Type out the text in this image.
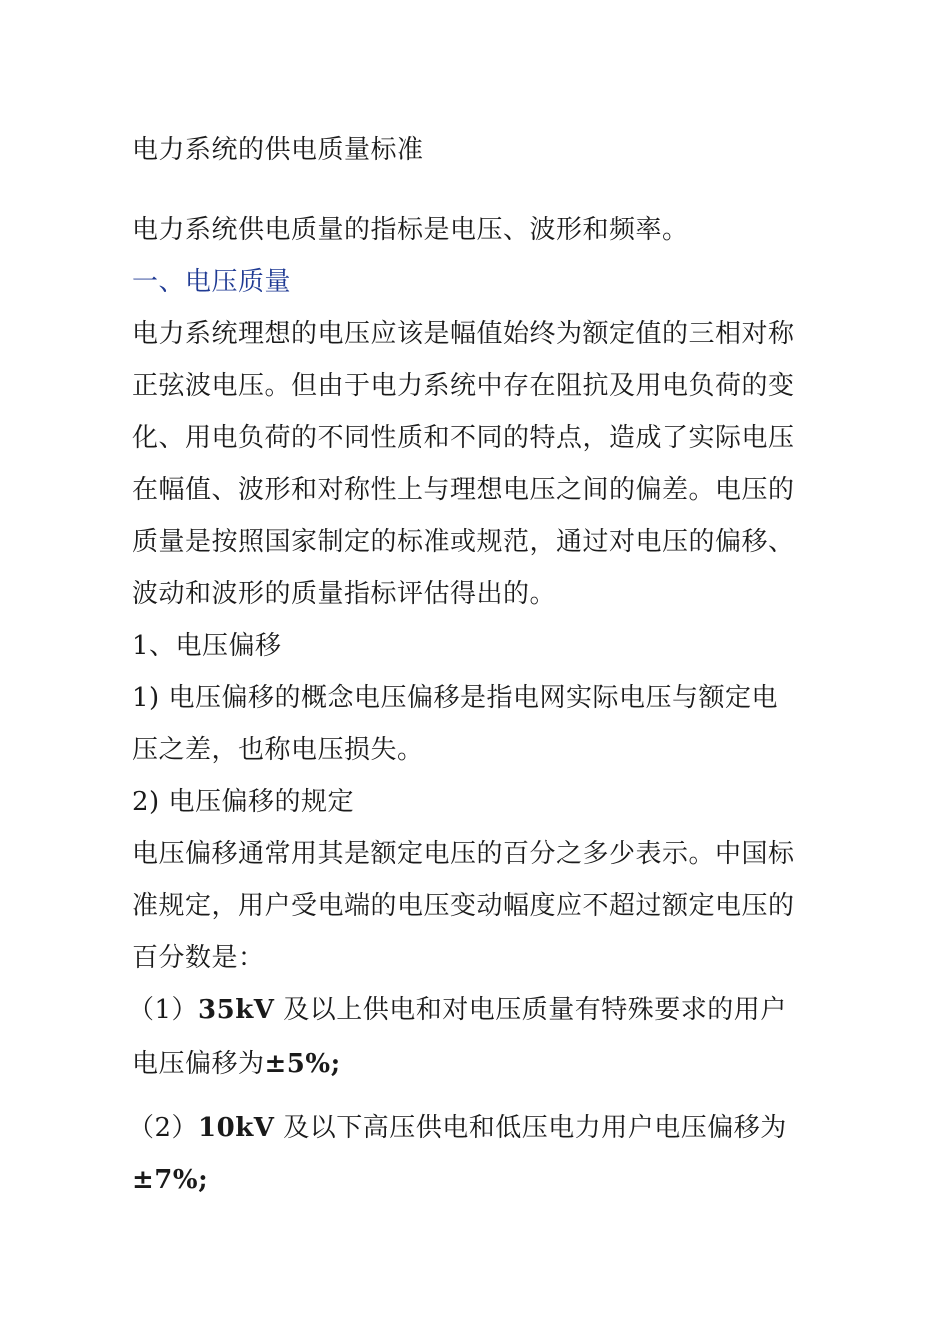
电力系统的供电质量标准
电力系统供电质量的指标是电压、波形和频率。
一、电压质量
电力系统理想的电压应该是幅值始终为额定值的三相对称
正弦波电压。但由于电力系统中存在阻抗及用电负荷的变
化、用电负荷的不同性质和不同的特点，造成了实际电压
在幅值、波形和对称性上与理想电压之间的偏差。电压的
质量是按照国家制定的标准或规范，通过对电压的偏移、
波动和波形的质量指标评估得出的。
1、电压偏移
1) 电压偏移的概念电压偏移是指电网实际电压与额定电
压之差，也称电压损失。
2) 电压偏移的规定
电压偏移通常用其是额定电压的百分之多少表示。中国标
准规定，用户受电端的电压变动幅度应不超过额定电压的
百分数是：
（1）35kV 及以上供电和对电压质量有特殊要求的用户
电压偏移为±5%;
（2）10kV 及以下高压供电和低压电力用户电压偏移为
±7%;
